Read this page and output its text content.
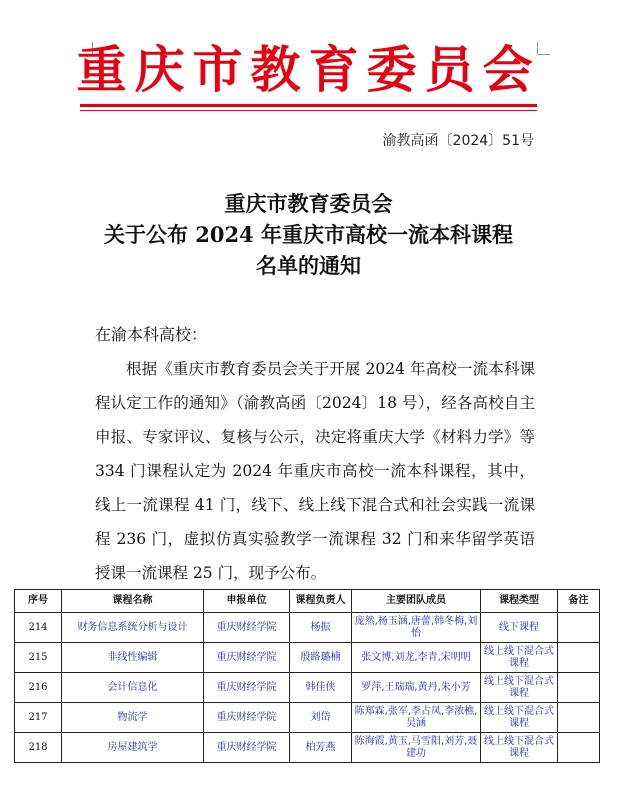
重庆市教育委员会
渝教高函〔2024〕51号
重庆市教育委员会
关于公布 2024 年重庆市高校一流本科课程
名单的通知
在渝本科高校：
根据《重庆市教育委员会关于开展 2024 年高校一流本科课程认定工作的通知》（渝教高函〔2024〕18 号），经各高校自主申报、专家评议、复核与公示，决定将重庆大学《材料力学》等 334 门课程认定为 2024 年重庆市高校一流本科课程，其中，线上一流课程 41 门，线下、线上线下混合式和社会实践一流课程 236 门，虚拟仿真实验教学一流课程 32 门和来华留学英语授课一流课程 25 门，现予公布。
序号	课程名称	申报单位	课程负责人	主要团队成员	课程类型	备注
214	财务信息系统分析与设计	重庆财经学院	杨振	庞然,杨玉涵,唐蕾,韩冬梅,刘怡	线下课程	
215	非线性编辑	重庆财经学院	殷路璐楠	张文博,刘龙,李青,宋明明	线上线下混合式课程	
216	会计信息化	重庆财经学院	韩佳侠	罗萍,王瑞瑞,黄丹,朱小芳	线上线下混合式课程	
217	物流学	重庆财经学院	刘岱	陈郑霖,张军,李占凤,李浓樵,吴涵	线上线下混合式课程	
218	房屋建筑学	重庆财经学院	柏芳燕	陈海霞,黄玉,马雪阳,刘芳,聂建功	线上线下混合式课程	
